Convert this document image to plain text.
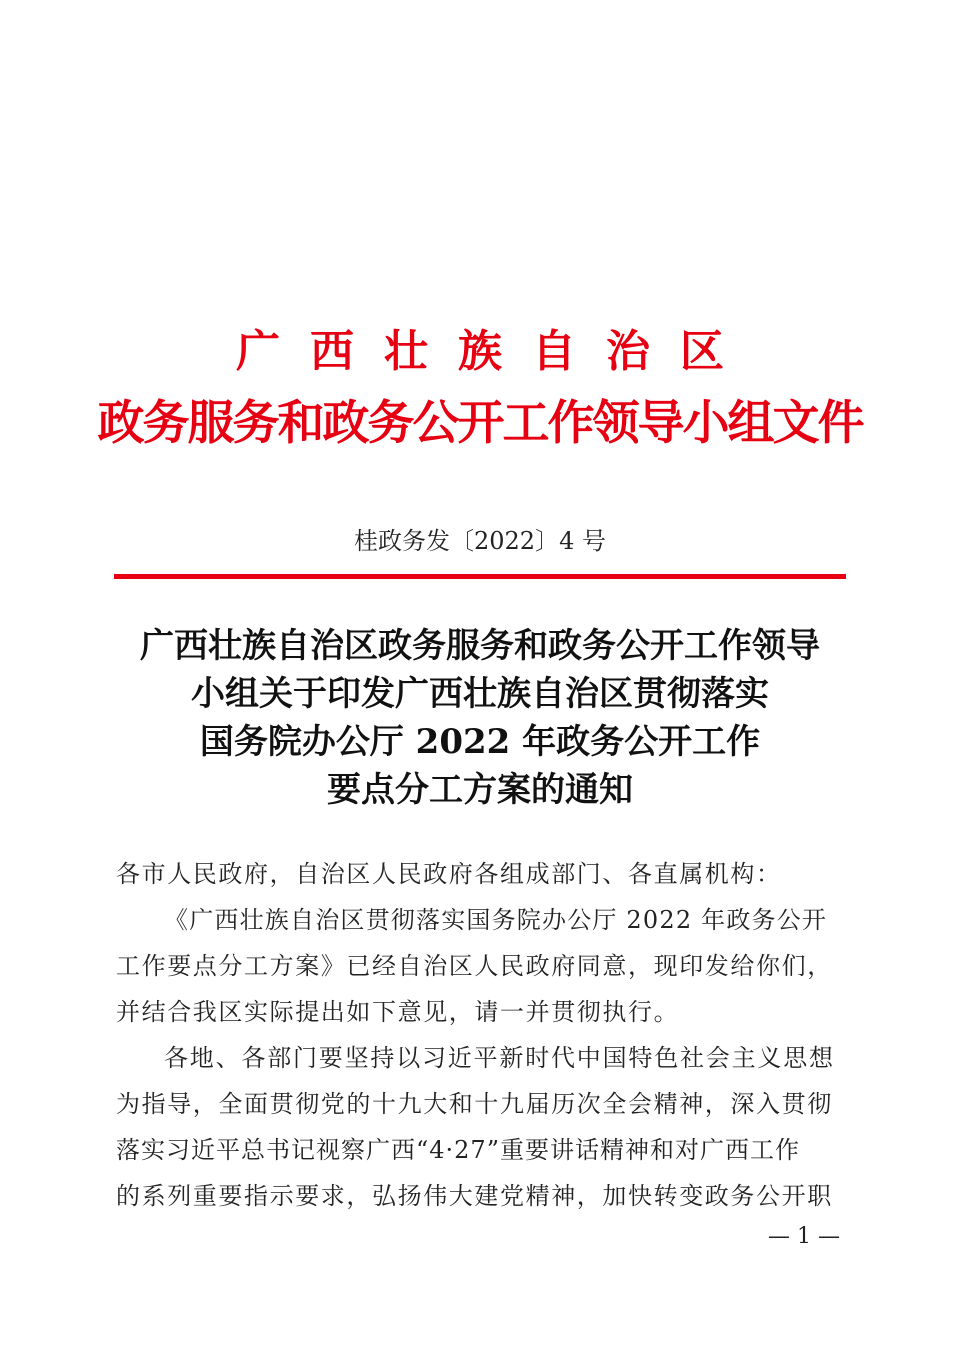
广西壮族自治区
政务服务和政务公开工作领导小组文件
桂政务发〔2022〕4 号
广西壮族自治区政务服务和政务公开工作领导
小组关于印发广西壮族自治区贯彻落实
国务院办公厅 2022 年政务公开工作
要点分工方案的通知
各市人民政府，自治区人民政府各组成部门、各直属机构：
《广西壮族自治区贯彻落实国务院办公厅 2022 年政务公开
工作要点分工方案》已经自治区人民政府同意，现印发给你们，
并结合我区实际提出如下意见，请一并贯彻执行。
各地、各部门要坚持以习近平新时代中国特色社会主义思想
为指导，全面贯彻党的十九大和十九届历次全会精神，深入贯彻
落实习近平总书记视察广西“4·27”重要讲话精神和对广西工作
的系列重要指示要求，弘扬伟大建党精神，加快转变政务公开职
— 1 —
